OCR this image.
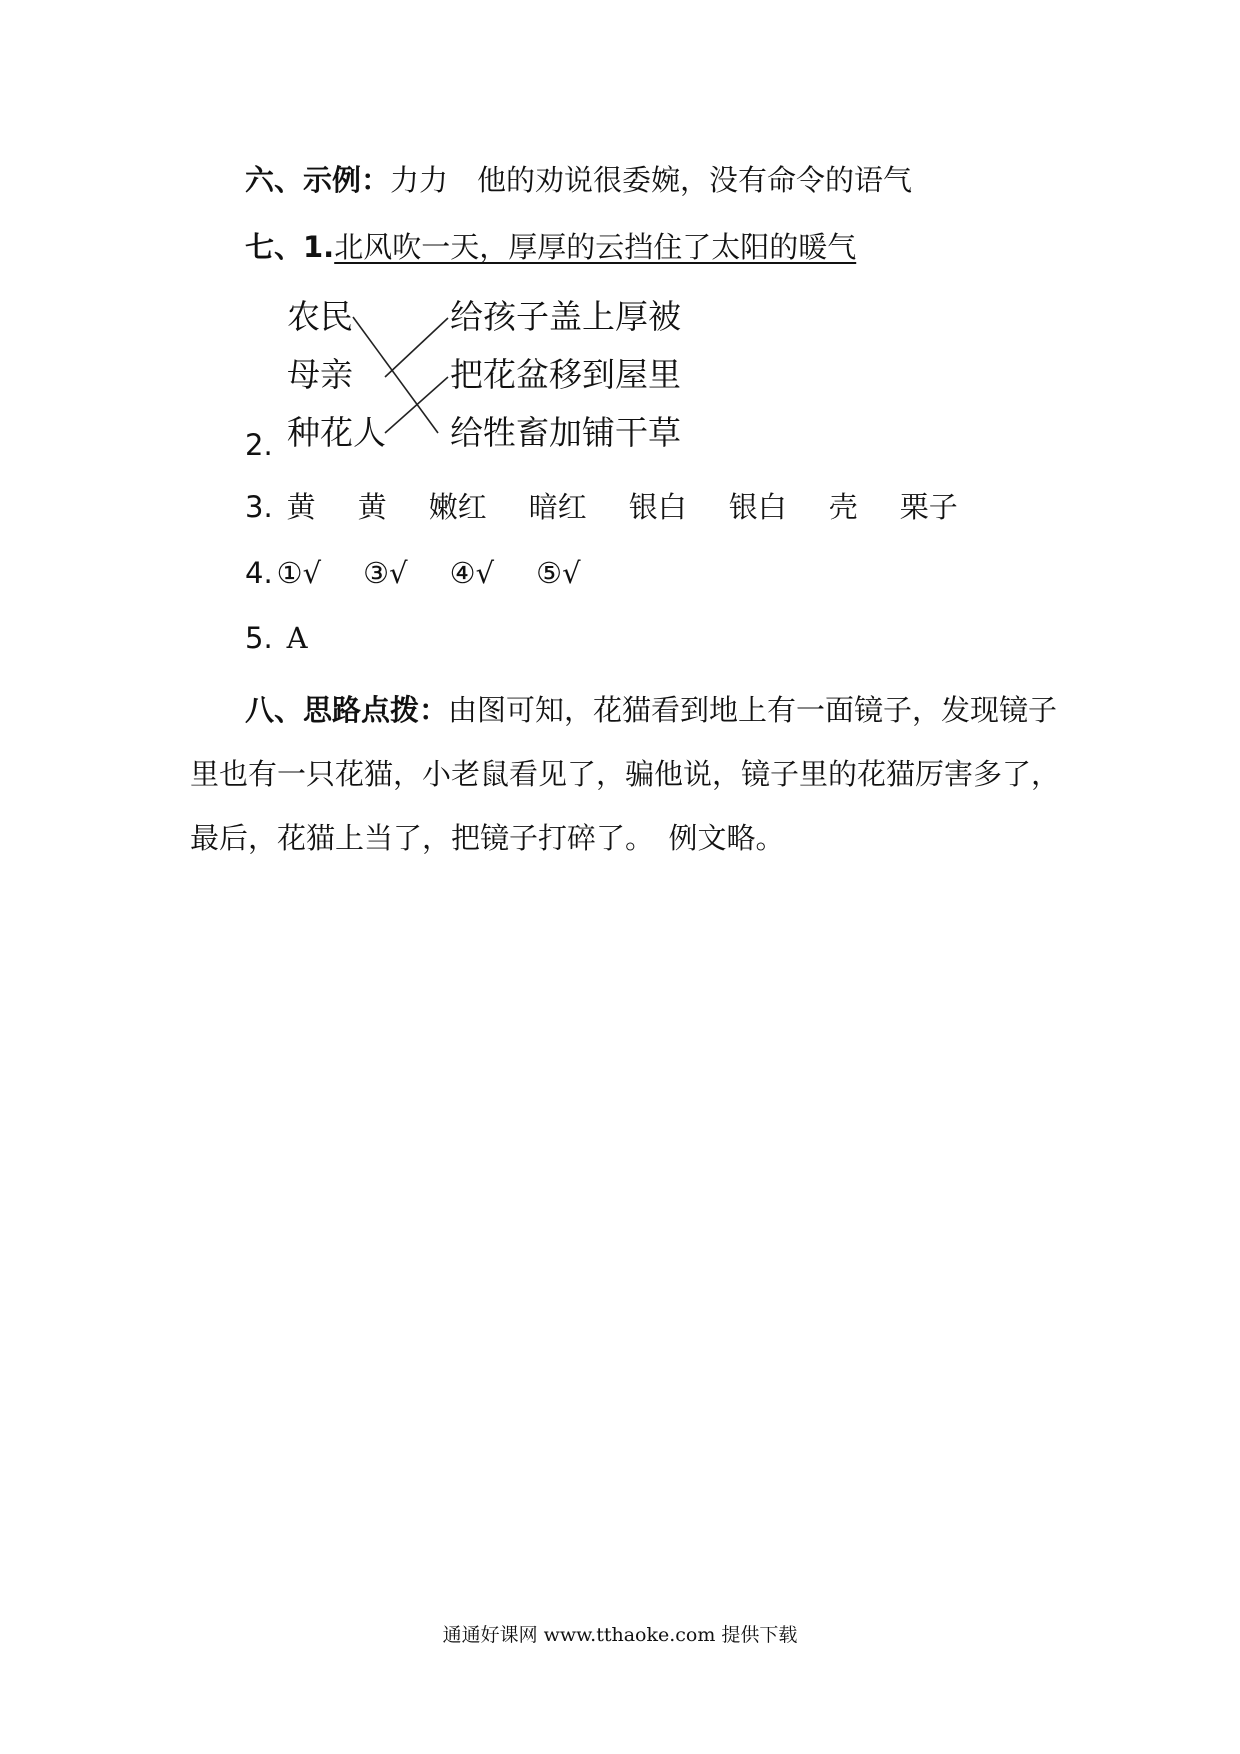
六、示例：力力　他的劝说很委婉，没有命令的语气
七、1.北风吹一天，厚厚的云挡住了太阳的暖气
2.
农民
母亲
种花人
给孩子盖上厚被
把花盆移到屋里
给牲畜加铺干草
3. 黄 黄 嫩红 暗红 银白 银白 壳 栗子
4. ①√ ③√ ④√ ⑤√
5. A
八、思路点拨：由图可知，花猫看到地上有一面镜子，发现镜子里也有一只花猫，小老鼠看见了，骗他说，镜子里的花猫厉害多了，最后，花猫上当了，把镜子打碎了。　例文略。
通通好课网 www.tthaoke.com 提供下载
